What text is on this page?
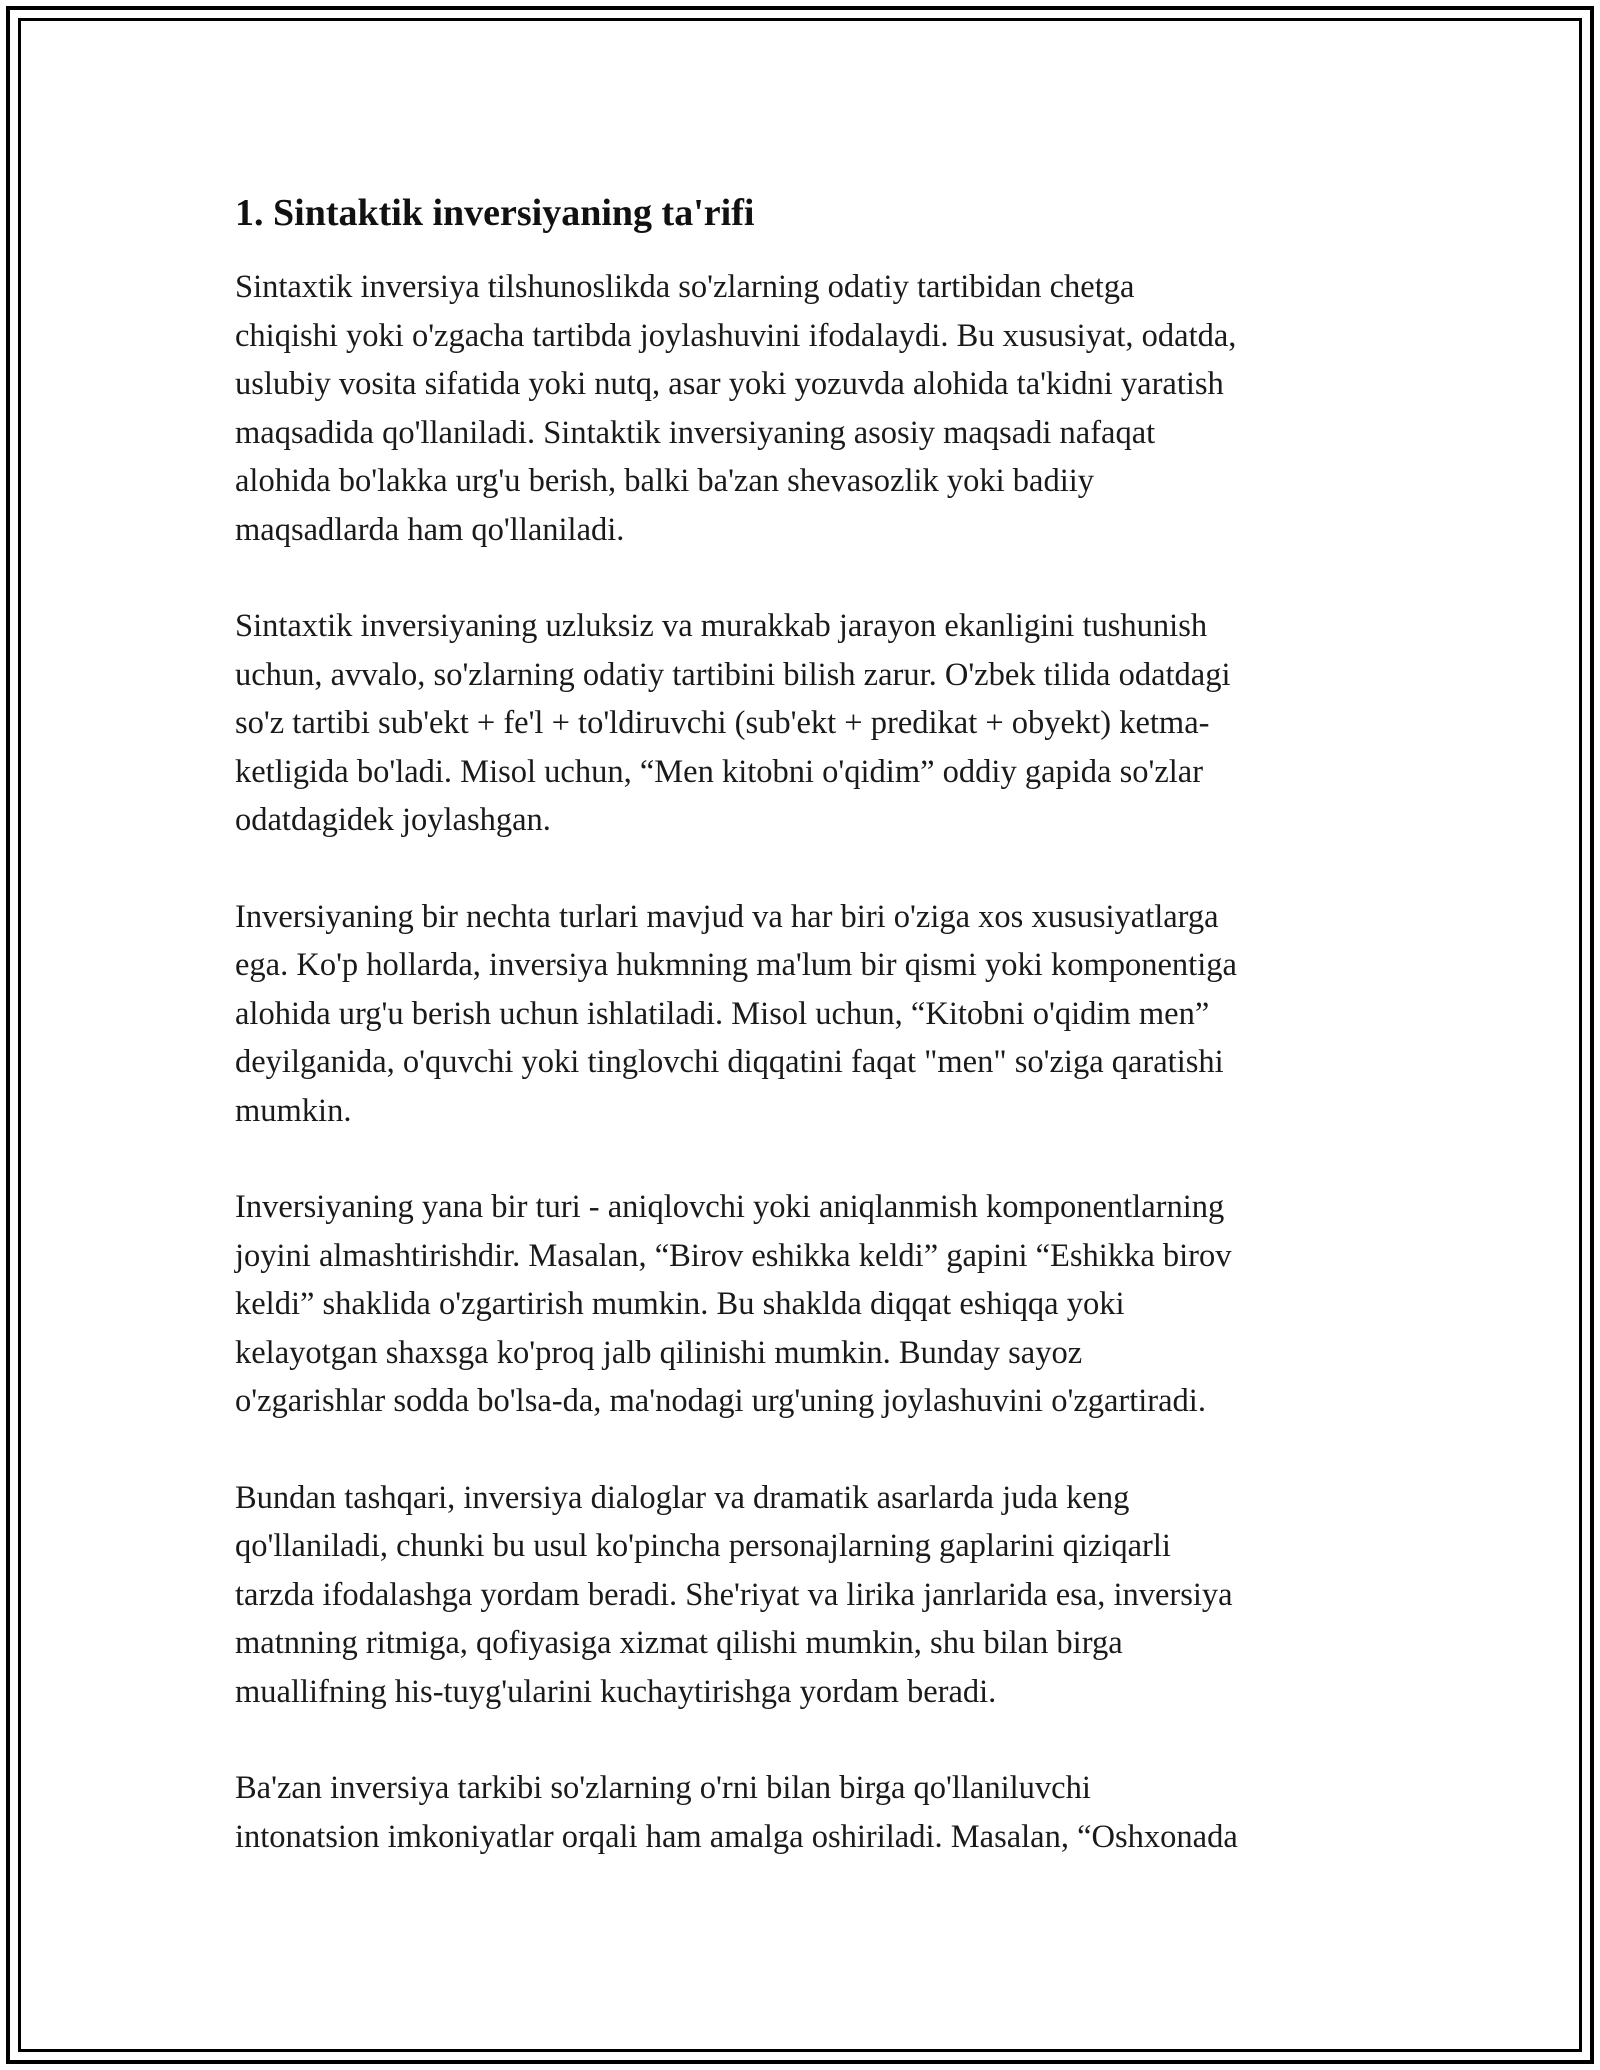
1. Sintaktik inversiyaning ta'rifi
Sintaxtik inversiya tilshunoslikda so'zlarning odatiy tartibidan chetga
chiqishi yoki o'zgacha tartibda joylashuvini ifodalaydi. Bu xususiyat, odatda,
uslubiy vosita sifatida yoki nutq, asar yoki yozuvda alohida ta'kidni yaratish
maqsadida qo'llaniladi. Sintaktik inversiyaning asosiy maqsadi nafaqat
alohida bo'lakka urg'u berish, balki ba'zan shevasozlik yoki badiiy
maqsadlarda ham qo'llaniladi.
Sintaxtik inversiyaning uzluksiz va murakkab jarayon ekanligini tushunish
uchun, avvalo, so'zlarning odatiy tartibini bilish zarur. O'zbek tilida odatdagi
so'z tartibi sub'ekt + fe'l + to'ldiruvchi (sub'ekt + predikat + obyekt) ketma-
ketligida bo'ladi. Misol uchun, “Men kitobni o'qidim” oddiy gapida so'zlar
odatdagidek joylashgan.
Inversiyaning bir nechta turlari mavjud va har biri o'ziga xos xususiyatlarga
ega. Ko'p hollarda, inversiya hukmning ma'lum bir qismi yoki komponentiga
alohida urg'u berish uchun ishlatiladi. Misol uchun, “Kitobni o'qidim men”
deyilganida, o'quvchi yoki tinglovchi diqqatini faqat "men" so'ziga qaratishi
mumkin.
Inversiyaning yana bir turi - aniqlovchi yoki aniqlanmish komponentlarning
joyini almashtirishdir. Masalan, “Birov eshikka keldi” gapini “Eshikka birov
keldi” shaklida o'zgartirish mumkin. Bu shaklda diqqat eshiqqa yoki
kelayotgan shaxsga ko'proq jalb qilinishi mumkin. Bunday sayoz
o'zgarishlar sodda bo'lsa-da, ma'nodagi urg'uning joylashuvini o'zgartiradi.
Bundan tashqari, inversiya dialoglar va dramatik asarlarda juda keng
qo'llaniladi, chunki bu usul ko'pincha personajlarning gaplarini qiziqarli
tarzda ifodalashga yordam beradi. She'riyat va lirika janrlarida esa, inversiya
matnning ritmiga, qofiyasiga xizmat qilishi mumkin, shu bilan birga
muallifning his-tuyg'ularini kuchaytirishga yordam beradi.
Ba'zan inversiya tarkibi so'zlarning o'rni bilan birga qo'llaniluvchi
intonatsion imkoniyatlar orqali ham amalga oshiriladi. Masalan, “Oshxonada
